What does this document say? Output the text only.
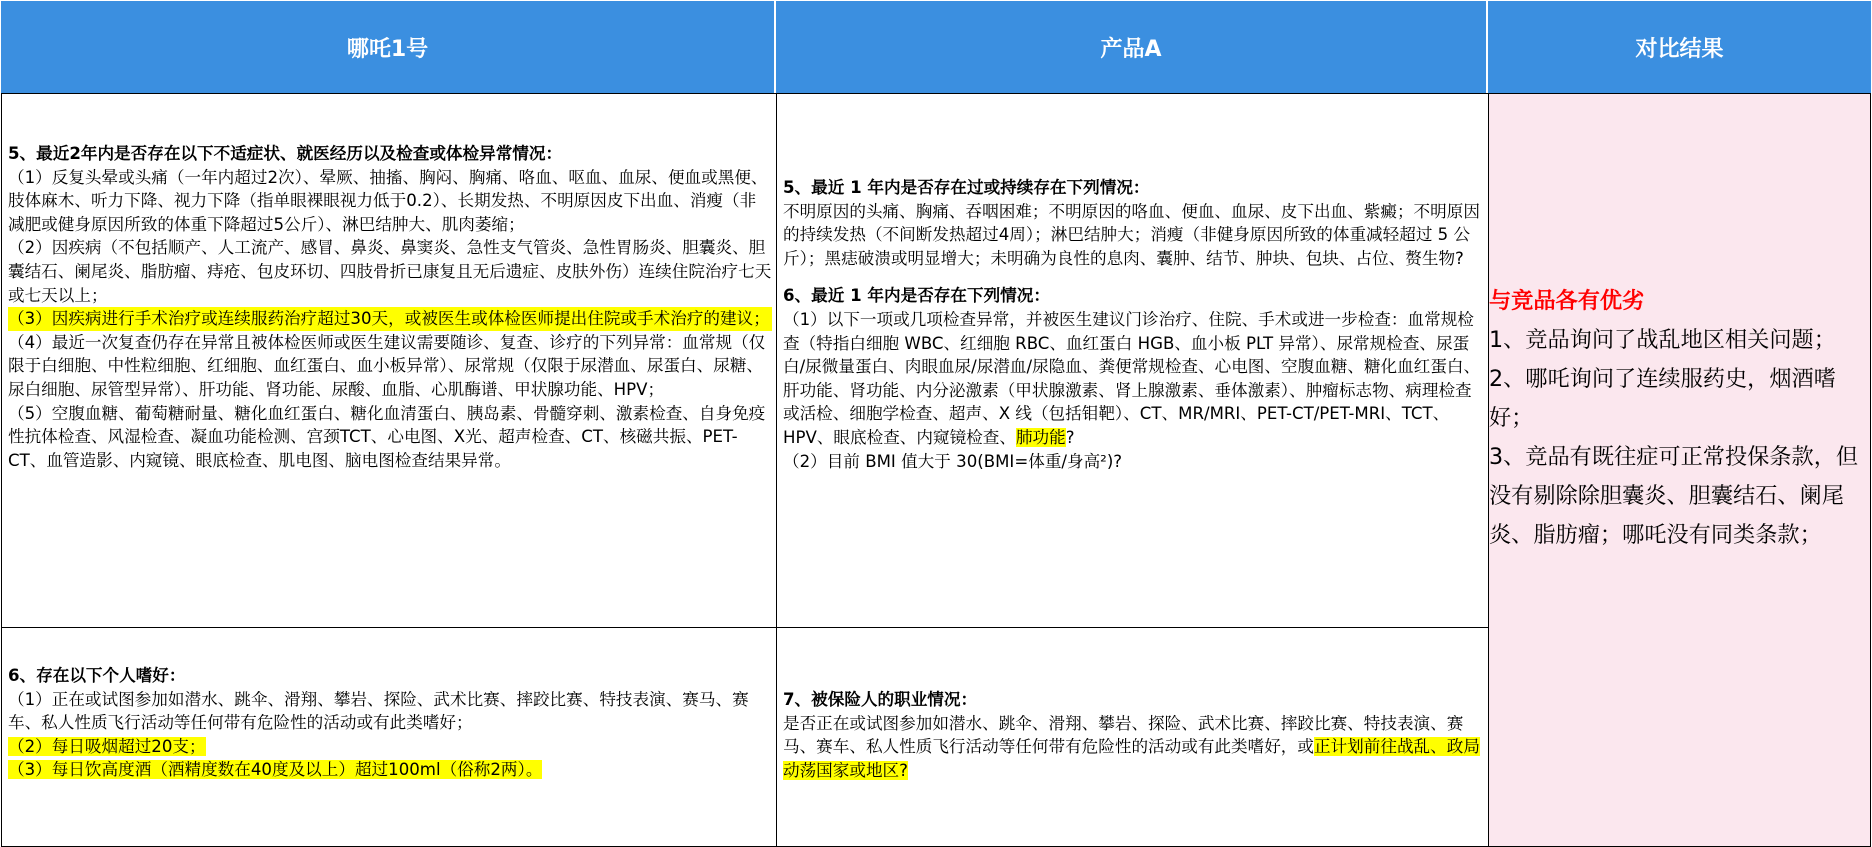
哪吒1号	产品A	对比结果

5、最近2年内是否存在以下不适症状、就医经历以及检查或体检异常情况：

（1）反复头晕或头痛（一年内超过2次）、晕厥、抽搐、胸闷、胸痛、咯血、呕血、血尿、便血或黑便、肢体麻木、听力下降、视力下降（指单眼裸眼视力低于0.2）、长期发热、不明原因皮下出血、消瘦（非减肥或健身原因所致的体重下降超过5公斤）、淋巴结肿大、肌肉萎缩；

（2）因疾病（不包括顺产、人工流产、感冒、鼻炎、鼻窦炎、急性支气管炎、急性胃肠炎、胆囊炎、胆囊结石、阑尾炎、脂肪瘤、痔疮、包皮环切、四肢骨折已康复且无后遗症、皮肤外伤）连续住院治疗七天或七天以上；

（3）因疾病进行手术治疗或连续服药治疗超过30天，或被医生或体检医师提出住院或手术治疗的建议；

（4）最近一次复查仍存在异常且被体检医师或医生建议需要随诊、复查、诊疗的下列异常：血常规（仅限于白细胞、中性粒细胞、红细胞、血红蛋白、血小板异常）、尿常规（仅限于尿潜血、尿蛋白、尿糖、尿白细胞、尿管型异常）、肝功能、肾功能、尿酸、血脂、心肌酶谱、甲状腺功能、HPV；

（5）空腹血糖、葡萄糖耐量、糖化血红蛋白、糖化血清蛋白、胰岛素、骨髓穿刺、激素检查、自身免疫性抗体检查、风湿检查、凝血功能检测、宫颈TCT、心电图、X光、超声检查、CT、核磁共振、PET-CT、血管造影、内窥镜、眼底检查、肌电图、脑电图检查结果异常。

6、存在以下个人嗜好：

（1）正在或试图参加如潜水、跳伞、滑翔、攀岩、探险、武术比赛、摔跤比赛、特技表演、赛马、赛车、私人性质飞行活动等任何带有危险性的活动或有此类嗜好；

（2）每日吸烟超过20支；

（3）每日饮高度酒（酒精度数在40度及以上）超过100ml（俗称2两）。

5、最近 1 年内是否存在过或持续存在下列情况：

不明原因的头痛、胸痛、吞咽困难；不明原因的咯血、便血、血尿、皮下出血、紫癜；不明原因的持续发热（不间断发热超过4周）；淋巴结肿大；消瘦（非健身原因所致的体重减轻超过 5 公斤）；黑痣破溃或明显增大；未明确为良性的息肉、囊肿、结节、肿块、包块、占位、赘生物?

6、最近 1 年内是否存在下列情况：

（1）以下一项或几项检查异常，并被医生建议门诊治疗、住院、手术或进一步检查：血常规检查（特指白细胞 WBC、红细胞 RBC、血红蛋白 HGB、血小板 PLT 异常）、尿常规检查、尿蛋白/尿微量蛋白、肉眼血尿/尿潜血/尿隐血、粪便常规检查、心电图、空腹血糖、糖化血红蛋白、肝功能、肾功能、内分泌激素（甲状腺激素、肾上腺激素、垂体激素）、肿瘤标志物、病理检查或活检、细胞学检查、超声、X 线（包括钼靶）、CT、MR/MRI、PET-CT/PET-MRI、TCT、HPV、眼底检查、内窥镜检查、肺功能?

（2）目前 BMI 值大于 30(BMI=体重/身高²)?

7、被保险人的职业情况：

是否正在或试图参加如潜水、跳伞、滑翔、攀岩、探险、武术比赛、摔跤比赛、特技表演、赛马、赛车、私人性质飞行活动等任何带有危险性的活动或有此类嗜好，或正计划前往战乱、政局动荡国家或地区?

与竞品各有优劣
1、竞品询问了战乱地区相关问题；
2、哪吒询问了连续服药史，烟酒嗜好；
3、竞品有既往症可正常投保条款，但没有剔除除胆囊炎、胆囊结石、阑尾炎、脂肪瘤；哪吒没有同类条款；
